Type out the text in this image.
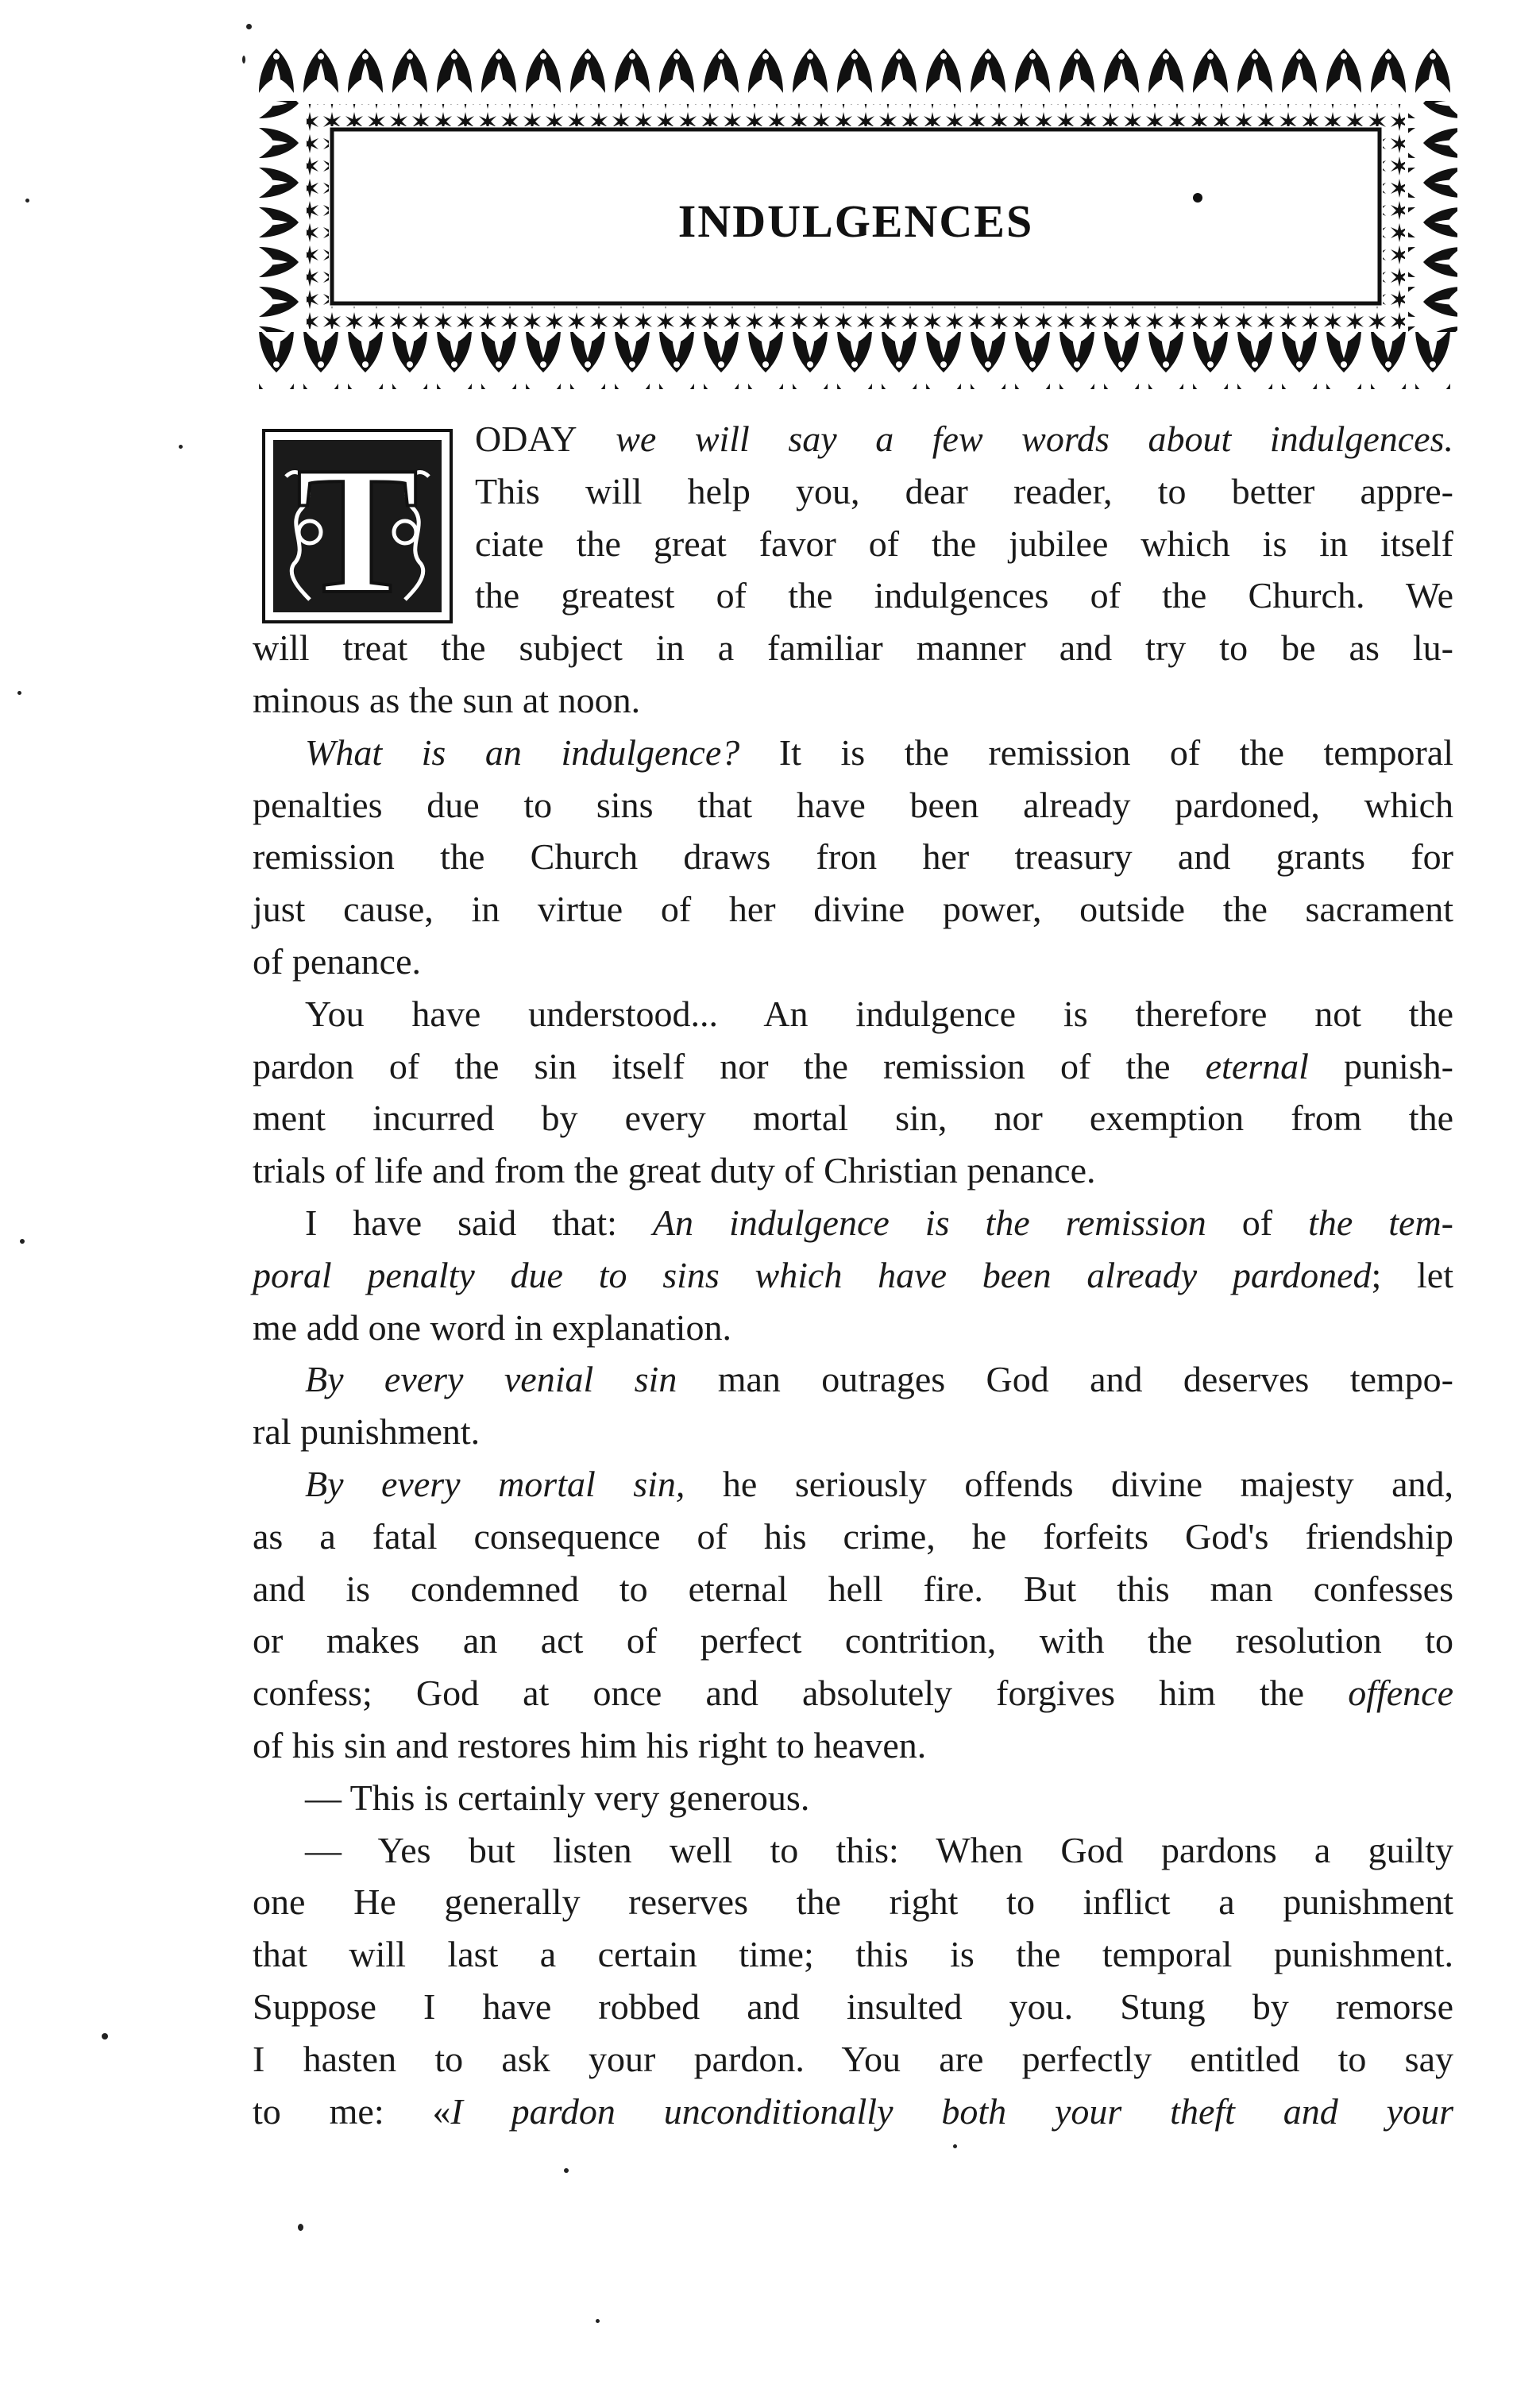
INDULGENCES
T	ODAY we will say a few words about indulgences.
This will help you, dear reader, to better appre-
ciate the great favor of the jubilee which is in itself
the greatest of the indulgences of the Church. We
will treat the subject in a familiar manner and try to be as lu-
minous as the sun at noon.
What is an indulgence? It is the remission of the temporal
penalties due to sins that have been already pardoned, which
remission the Church draws fron her treasury and grants for
just cause, in virtue of her divine power, outside the sacrament
of penance.
You have understood... An indulgence is therefore not the
pardon of the sin itself nor the remission of the eternal punish-
ment incurred by every mortal sin, nor exemption from the
trials of life and from the great duty of Christian penance.
I have said that: An indulgence is the remission of the tem-
poral penalty due to sins which have been already pardoned; let
me add one word in explanation.
By every venial sin man outrages God and deserves tempo-
ral punishment.
By every mortal sin, he seriously offends divine majesty and,
as a fatal consequence of his crime, he forfeits God's friendship
and is condemned to eternal hell fire. But this man confesses
or makes an act of perfect contrition, with the resolution to
confess; God at once and absolutely forgives him the offence
of his sin and restores him his right to heaven.
— This is certainly very generous.
— Yes but listen well to this: When God pardons a guilty
one He generally reserves the right to inflict a punishment
that will last a certain time; this is the temporal punishment.
Suppose I have robbed and insulted you. Stung by remorse
I hasten to ask your pardon. You are perfectly entitled to say
to me: «I pardon unconditionally both your theft and your
